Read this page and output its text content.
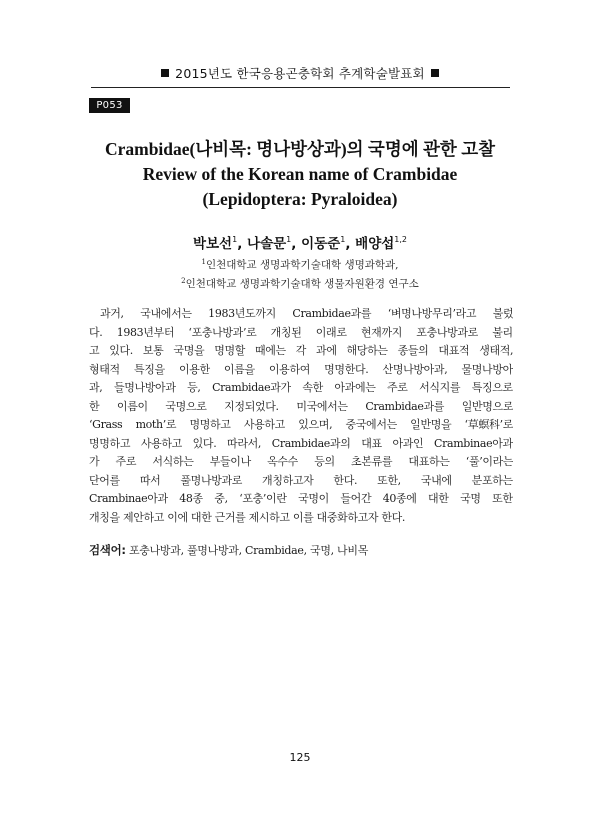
2015년도 한국응용곤충학회 추계학술발표회
P053
Crambidae(나비목: 명나방상과)의 국명에 관한 고찰
Review of the Korean name of Crambidae
(Lepidoptera: Pyraloidea)
박보선$^1$, 나솔문$^1$, 이동준$^1$, 배양섭$^{1,2}$
$^1$인천대학교 생명과학기술대학 생명과학과,
$^2$인천대학교 생명과학기술대학 생물자원환경 연구소
과거, 국내에서는 1983년도까지 Crambidae과를 ‘벼명나방무리’라고 불렀
다. 1983년부터 ‘포충나방과’로 개칭된 이래로 현재까지 포충나방과로 불리
고 있다. 보통 국명을 명명할 때에는 각 과에 해당하는 종들의 대표적 생태적,
형태적 특징을 이용한 이름을 이용하여 명명한다. 산명나방아과, 물명나방아
과, 들명나방아과 등, Crambidae과가 속한 아과에는 주로 서식지를 특징으로
한 이름이 국명으로 지정되었다. 미국에서는 Crambidae과를 일반명으로
‘Grass moth’로 명명하고 사용하고 있으며, 중국에서는 일반명을 ‘草螟科’로
명명하고 사용하고 있다. 따라서, Crambidae과의 대표 아과인 Crambinae아과
가 주로 서식하는 부들이나 옥수수 등의 초본류를 대표하는 ‘풀’이라는
단어를 따서 풀명나방과로 개칭하고자 한다. 또한, 국내에 분포하는
Crambinae아과 48종 중, ‘포충’이란 국명이 들어간 40종에 대한 국명 또한
개칭을 제안하고 이에 대한 근거를 제시하고 이를 대중화하고자 한다.
검색어: 포충나방과, 풀명나방과, Crambidae, 국명, 나비목
125
